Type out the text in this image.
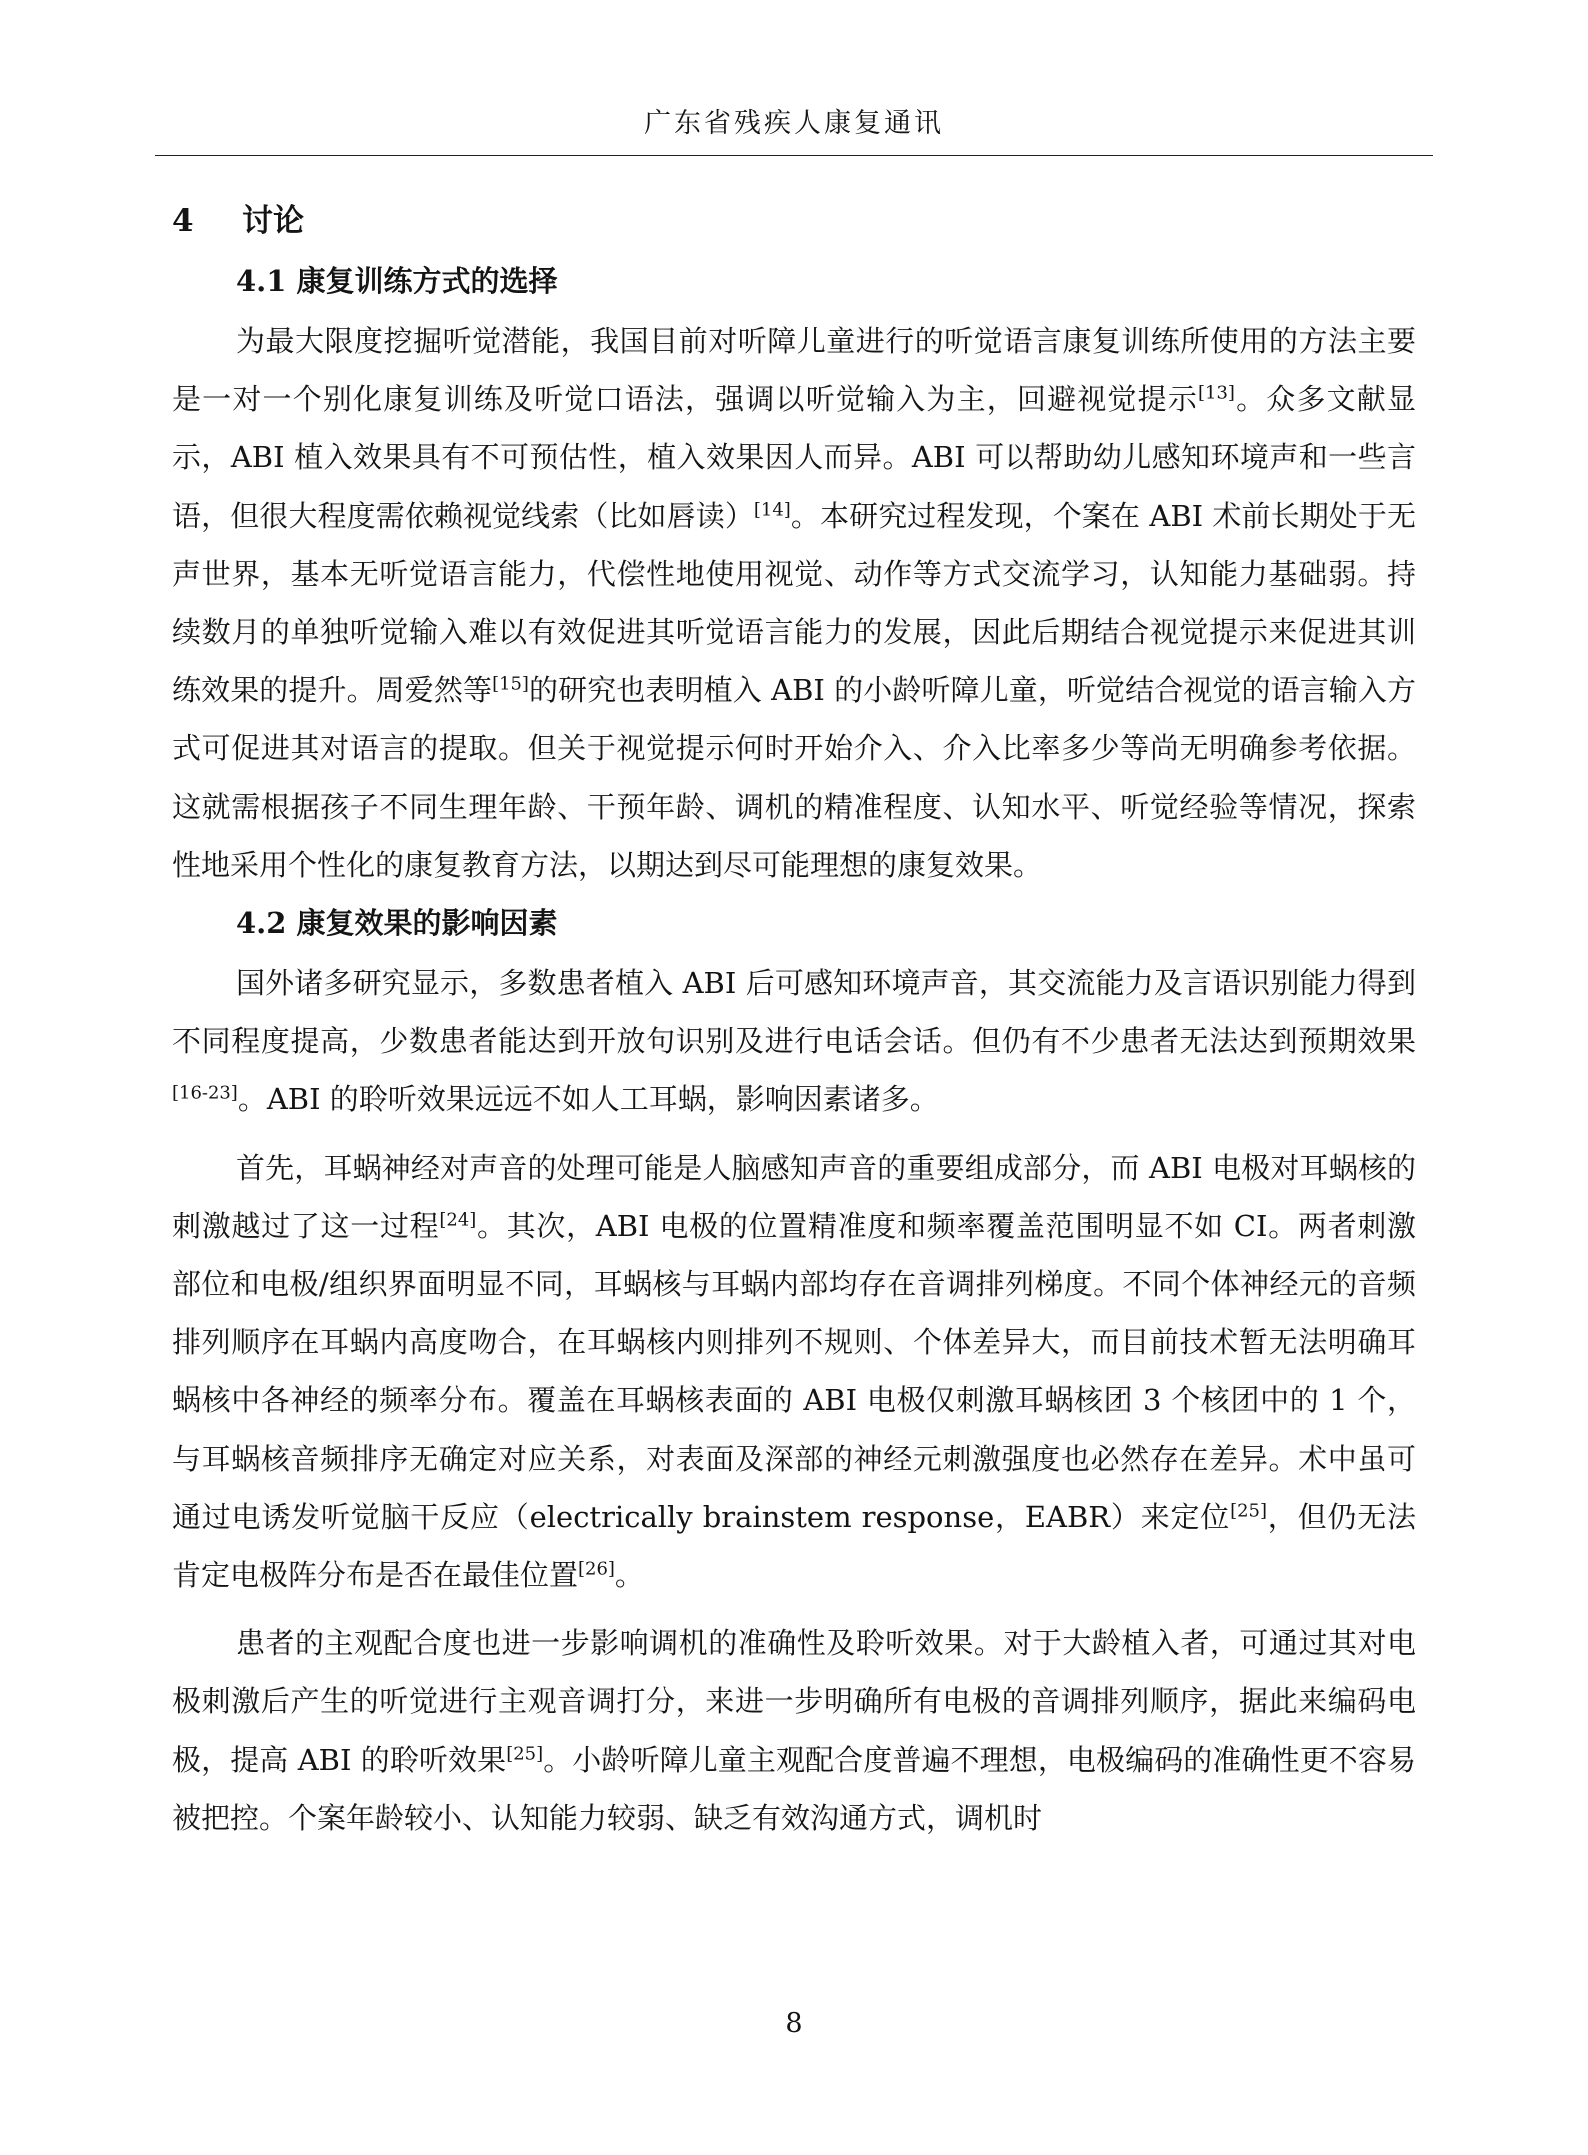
广东省残疾人康复通讯
4 讨论
4.1 康复训练方式的选择

为最大限度挖掘听觉潜能，我国目前对听障儿童进行的听觉语言康复训练所使用的方法主要是一对一个别化康复训练及听觉口语法，强调以听觉输入为主，回避视觉提示[13]。众多文献显示，ABI 植入效果具有不可预估性，植入效果因人而异。ABI 可以帮助幼儿感知环境声和一些言语，但很大程度需依赖视觉线索（比如唇读）[14]。本研究过程发现，个案在 ABI 术前长期处于无声世界，基本无听觉语言能力，代偿性地使用视觉、动作等方式交流学习，认知能力基础弱。持续数月的单独听觉输入难以有效促进其听觉语言能力的发展，因此后期结合视觉提示来促进其训练效果的提升。周爱然等[15]的研究也表明植入 ABI 的小龄听障儿童，听觉结合视觉的语言输入方式可促进其对语言的提取。但关于视觉提示何时开始介入、介入比率多少等尚无明确参考依据。这就需根据孩子不同生理年龄、干预年龄、调机的精准程度、认知水平、听觉经验等情况，探索性地采用个性化的康复教育方法，以期达到尽可能理想的康复效果。

4.2 康复效果的影响因素

国外诸多研究显示，多数患者植入 ABI 后可感知环境声音，其交流能力及言语识别能力得到不同程度提高，少数患者能达到开放句识别及进行电话会话。但仍有不少患者无法达到预期效果[16-23]。ABI 的聆听效果远远不如人工耳蜗，影响因素诸多。

首先，耳蜗神经对声音的处理可能是人脑感知声音的重要组成部分，而 ABI 电极对耳蜗核的刺激越过了这一过程[24]。其次，ABI 电极的位置精准度和频率覆盖范围明显不如 CI。两者刺激部位和电极/组织界面明显不同，耳蜗核与耳蜗内部均存在音调排列梯度。不同个体神经元的音频排列顺序在耳蜗内高度吻合，在耳蜗核内则排列不规则、个体差异大，而目前技术暂无法明确耳蜗核中各神经的频率分布。覆盖在耳蜗核表面的 ABI 电极仅刺激耳蜗核团 3 个核团中的 1 个，与耳蜗核音频排序无确定对应关系，对表面及深部的神经元刺激强度也必然存在差异。术中虽可通过电诱发听觉脑干反应（electrically brainstem response，EABR）来定位[25]，但仍无法肯定电极阵分布是否在最佳位置[26]。

患者的主观配合度也进一步影响调机的准确性及聆听效果。对于大龄植入者，可通过其对电极刺激后产生的听觉进行主观音调打分，来进一步明确所有电极的音调排列顺序，据此来编码电极，提高 ABI 的聆听效果[25]。小龄听障儿童主观配合度普遍不理想，电极编码的准确性更不容易被把控。个案年龄较小、认知能力较弱、缺乏有效沟通方式，调机时

8
